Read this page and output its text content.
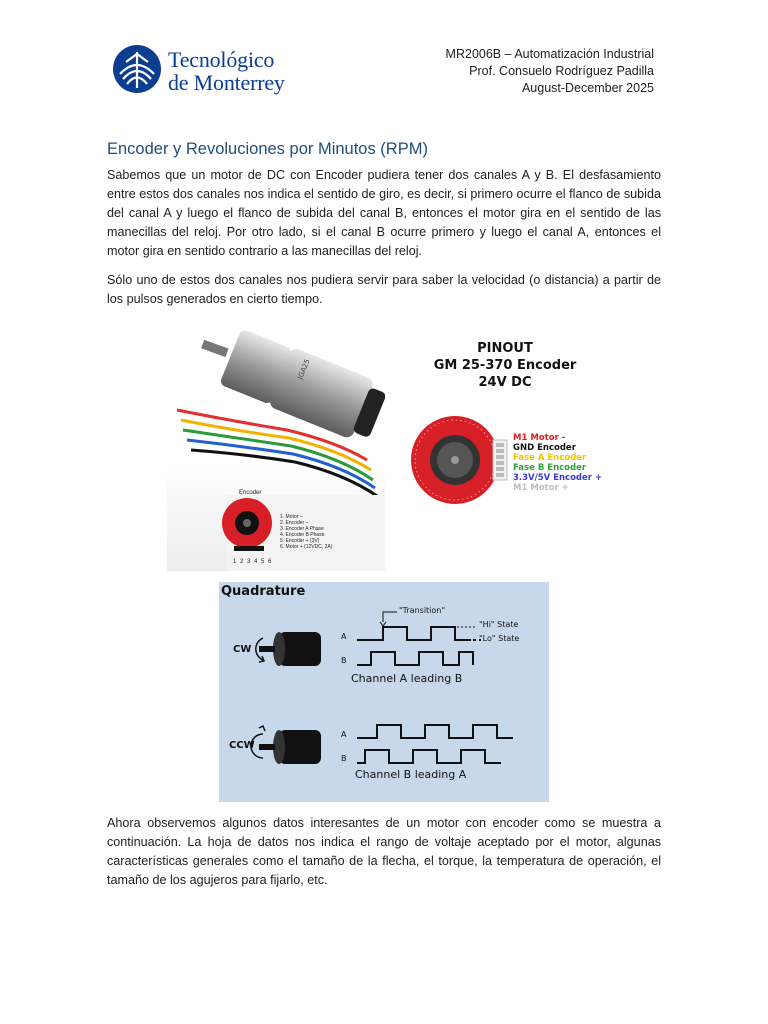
Tecnológico
de Monterrey
MR2006B – Automatización Industrial
Prof. Consuelo Rodríguez Padilla
August-December 2025
Encoder y Revoluciones por Minutos (RPM)

Sabemos que un motor de DC con Encoder pudiera tener dos canales A y B. El desfasamiento entre estos dos canales nos indica el sentido de giro, es decir, si primero ocurre el flanco de subida del canal A y luego el flanco de subida del canal B, entonces el motor gira en el sentido de las manecillas del reloj. Por otro lado, si el canal B ocurre primero y luego el canal A, entonces el motor gira en sentido contrario a las manecillas del reloj.

Sólo uno de estos dos canales nos pudiera servir para saber la velocidad (o distancia) a partir de los pulsos generados en cierto tiempo.

JGA25
Encoder
1. Motor –
2. Encoder –
3. Encoder A Phase
4. Encoder B Phase
5. Encoder + (3V)
6. Motor + (12VDC, 2A)
1 2 3 4 5 6
PINOUT
GM 25-370 Encoder
24V DC
M1 Motor -
GND Encoder
Fase A Encoder
Fase B Encoder
3.3V/5V Encoder +
M1 Motor +
Quadrature
CW
CCW
"Transition"
"Hi" State
"Lo" State
A
B
A
B
Channel A leading B
Channel B leading A

Ahora observemos algunos datos interesantes de un motor con encoder como se muestra a continuación. La hoja de datos nos indica el rango de voltaje aceptado por el motor, algunas características generales como el tamaño de la flecha, el torque, la temperatura de operación, el tamaño de los agujeros para fijarlo, etc.
